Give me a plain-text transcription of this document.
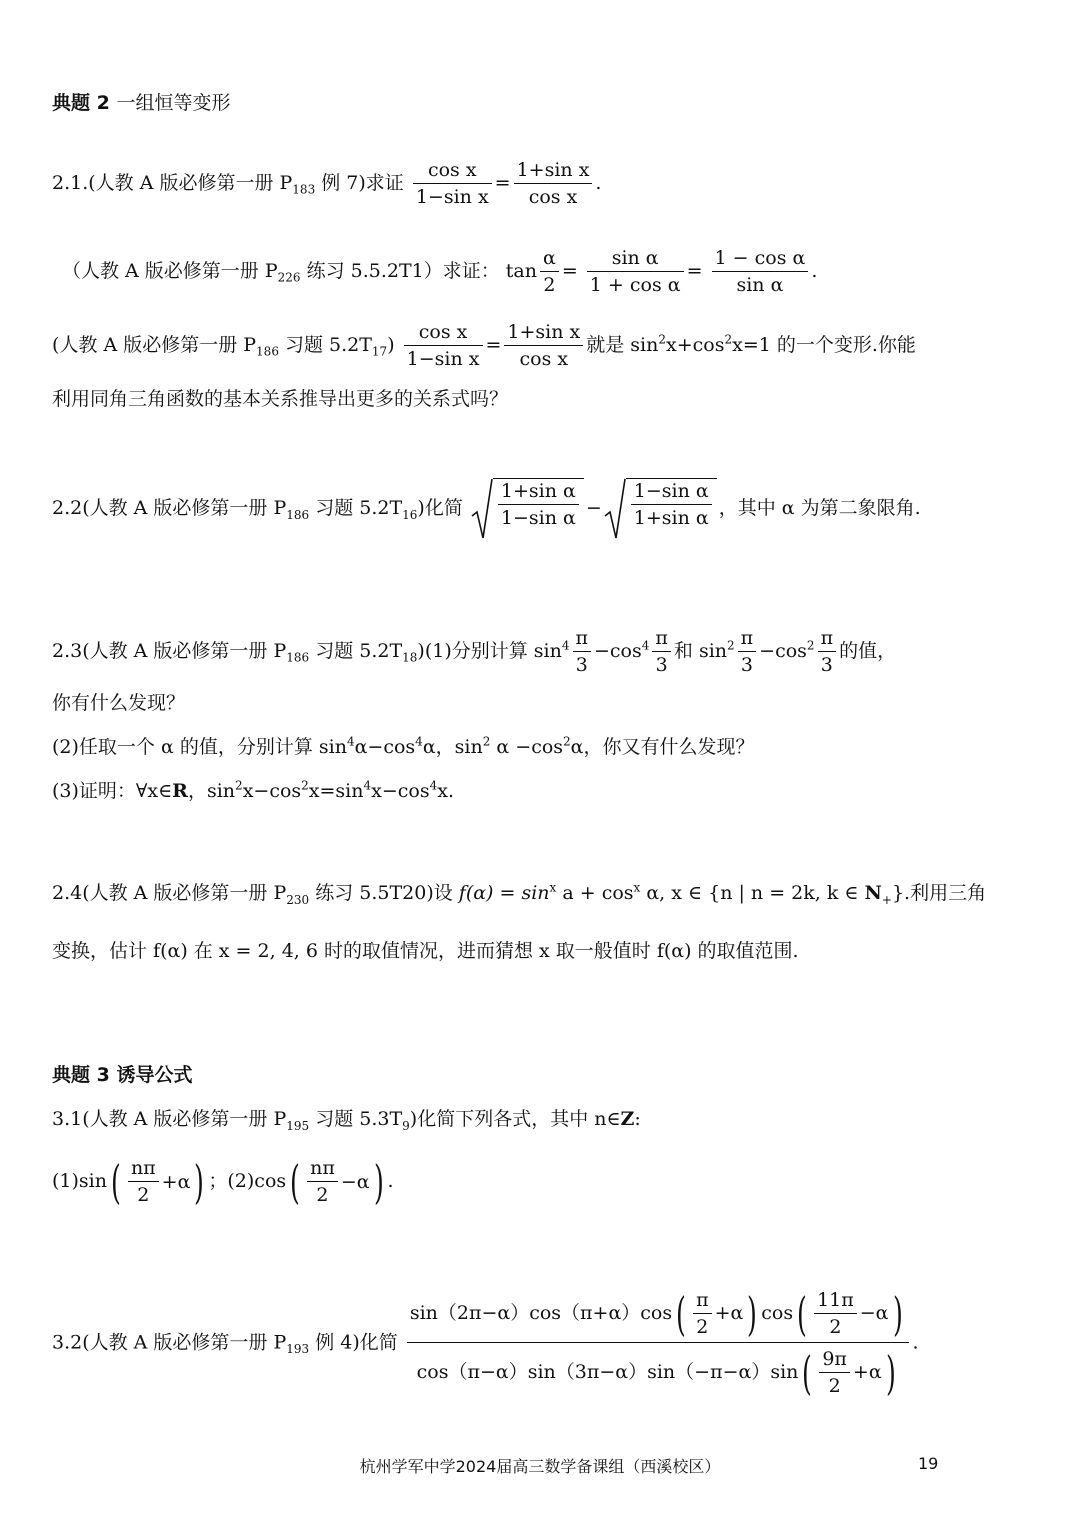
典题 2 一组恒等变形
2.1.(人教 A 版必修第一册 $P_{183}$ 例 7)求证 $\frac{\text{cos x}}{\text{1−sin x}} = \frac{\text{1+sin x}}{\text{cos x}}$ .
（人教 A 版必修第一册 $P_{226}$ 练习 5.5.2T1）求证： $\tan \frac{\alpha}{2} = \frac{\text{sin α}}{\text{1 + cos α}} = \frac{\text{1 − cos α}}{\text{sin α}}$ .
(人教 A 版必修第一册 $P_{186}$ 习题 $5.2T_{17}) \frac{\text{cos x}}{\text{1−sin x}} = \frac{\text{1+sin x}}{\text{cos x}}$ 就是 $\sin^2x+\cos^2x=1$ 的一个变形.你能
利用同角三角函数的基本关系推导出更多的关系式吗？
2.2(人教 A 版必修第一册 $P_{186}$ 习题 $5.2T_{16}$)化简 $\frac{\text{1+sin α}}{\text{1−sin α}} - \frac{\text{1−sin α}}{\text{1+sin α}}$ ，其中 α 为第二象限角.
2.3(人教 A 版必修第一册 $P_{186}$ 习题 $5.2T_{18})(1)$分别计算 $\sin^4 \frac{\pi}{3} -\cos^4 \frac{\pi}{3}$ 和 $\sin^2 \frac{\pi}{3} -\cos^2 \frac{\pi}{3}$ 的值，
你有什么发现？
(2)任取一个 α 的值，分别计算 $\sin^4\alpha-\cos^4\alpha$，$\sin^2 \alpha -\cos^2\alpha$，你又有什么发现？
(3)证明：∀x∈R，$\sin^2x-\cos^2x=\sin^4x-\cos^4x$.
2.4(人教 A 版必修第一册 $P_{230}$ 练习 5.5T20)设 $f(\alpha) = \sin^x a + \cos^x \alpha$, x ∈ {n | n = 2k, k ∈ $N_+$}.利用三角
变换，估计 f(α) 在 x = 2, 4, 6 时的取值情况，进而猜想 x 取一般值时 f(α) 的取值范围.
典题 3 诱导公式
3.1(人教 A 版必修第一册 $P_{195}$ 习题 $5.3T_9$)化简下列各式，其中 n∈Z:
(1)sin ( $\frac{n\pi}{2} +\alpha$ ) ；(2)cos ( $\frac{n\pi}{2} -\alpha$ ) .
3.2(人教 A 版必修第一册 $P_{193}$ 例 4)化简 $\frac{\sin(2\pi-\alpha)\cos(\pi+\alpha)\cos ( \frac{\pi}{2} +\alpha ) \cos ( \frac{11\pi}{2} -\alpha )}{\cos(\pi-\alpha)\sin(3\pi-\alpha)\sin(-\pi-\alpha)\sin ( \frac{9\pi}{2} +\alpha )}$ .
杭州学军中学2024届高三数学备课组（西溪校区）	19
